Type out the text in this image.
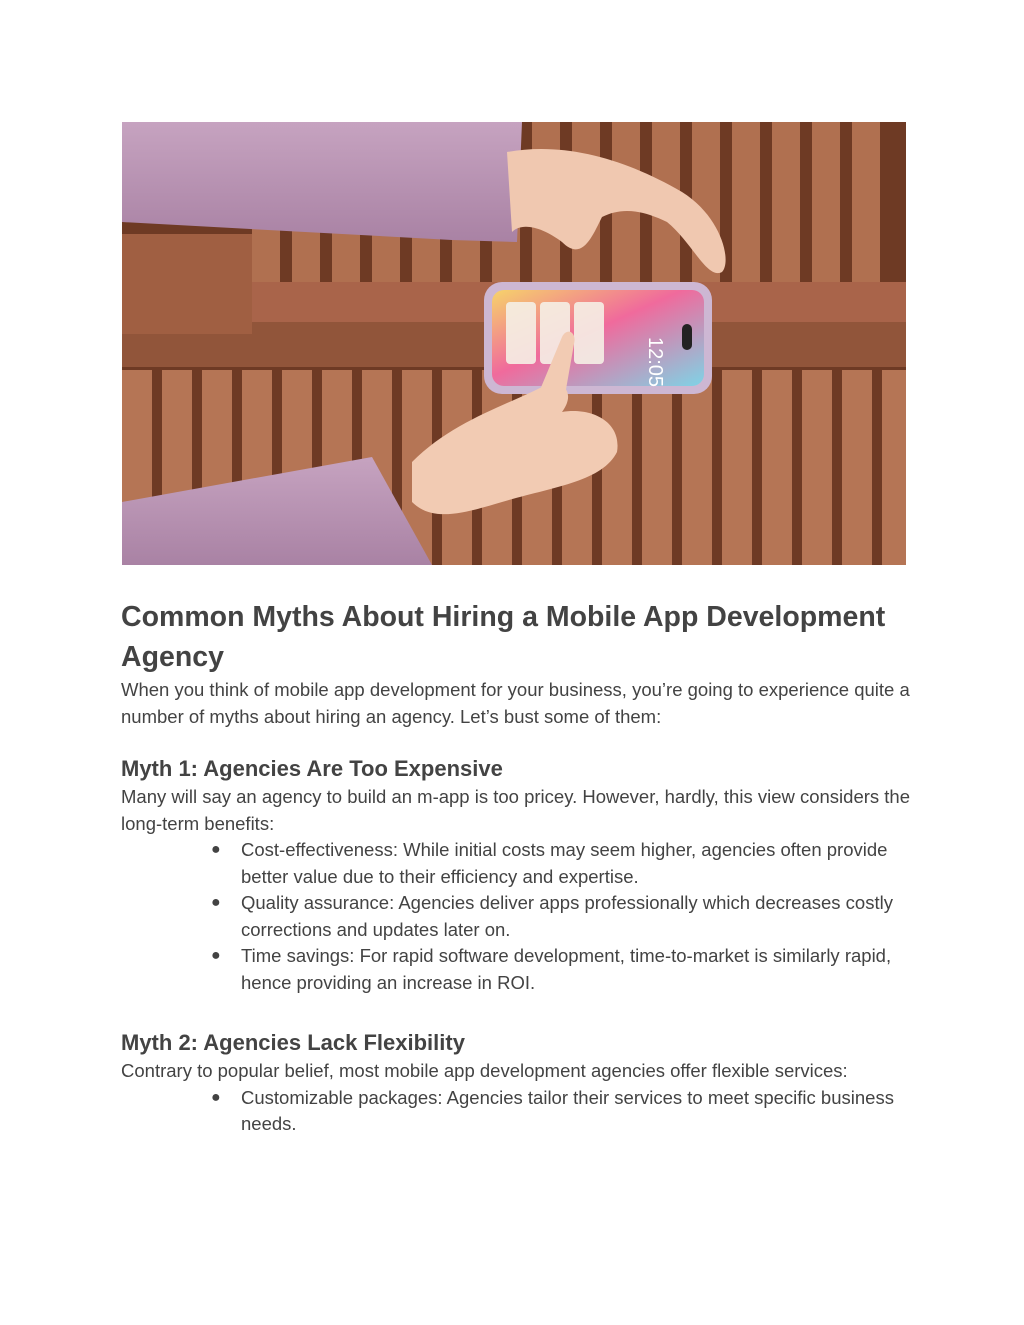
12:05
Common Myths About Hiring a Mobile App Development Agency

When you think of mobile app development for your business, you’re going to experience quite a number of myths about hiring an agency. Let’s bust some of them:

Myth 1: Agencies Are Too Expensive

Many will say an agency to build an m-app is too pricey. However, hardly, this view considers the long-term benefits:

● Cost-effectiveness: While initial costs may seem higher, agencies often provide better value due to their efficiency and expertise.
● Quality assurance: Agencies deliver apps professionally which decreases costly corrections and updates later on.
● Time savings: For rapid software development, time-to-market is similarly rapid, hence providing an increase in ROI.
Myth 2: Agencies Lack Flexibility

Contrary to popular belief, most mobile app development agencies offer flexible services:

● Customizable packages: Agencies tailor their services to meet specific business needs.
